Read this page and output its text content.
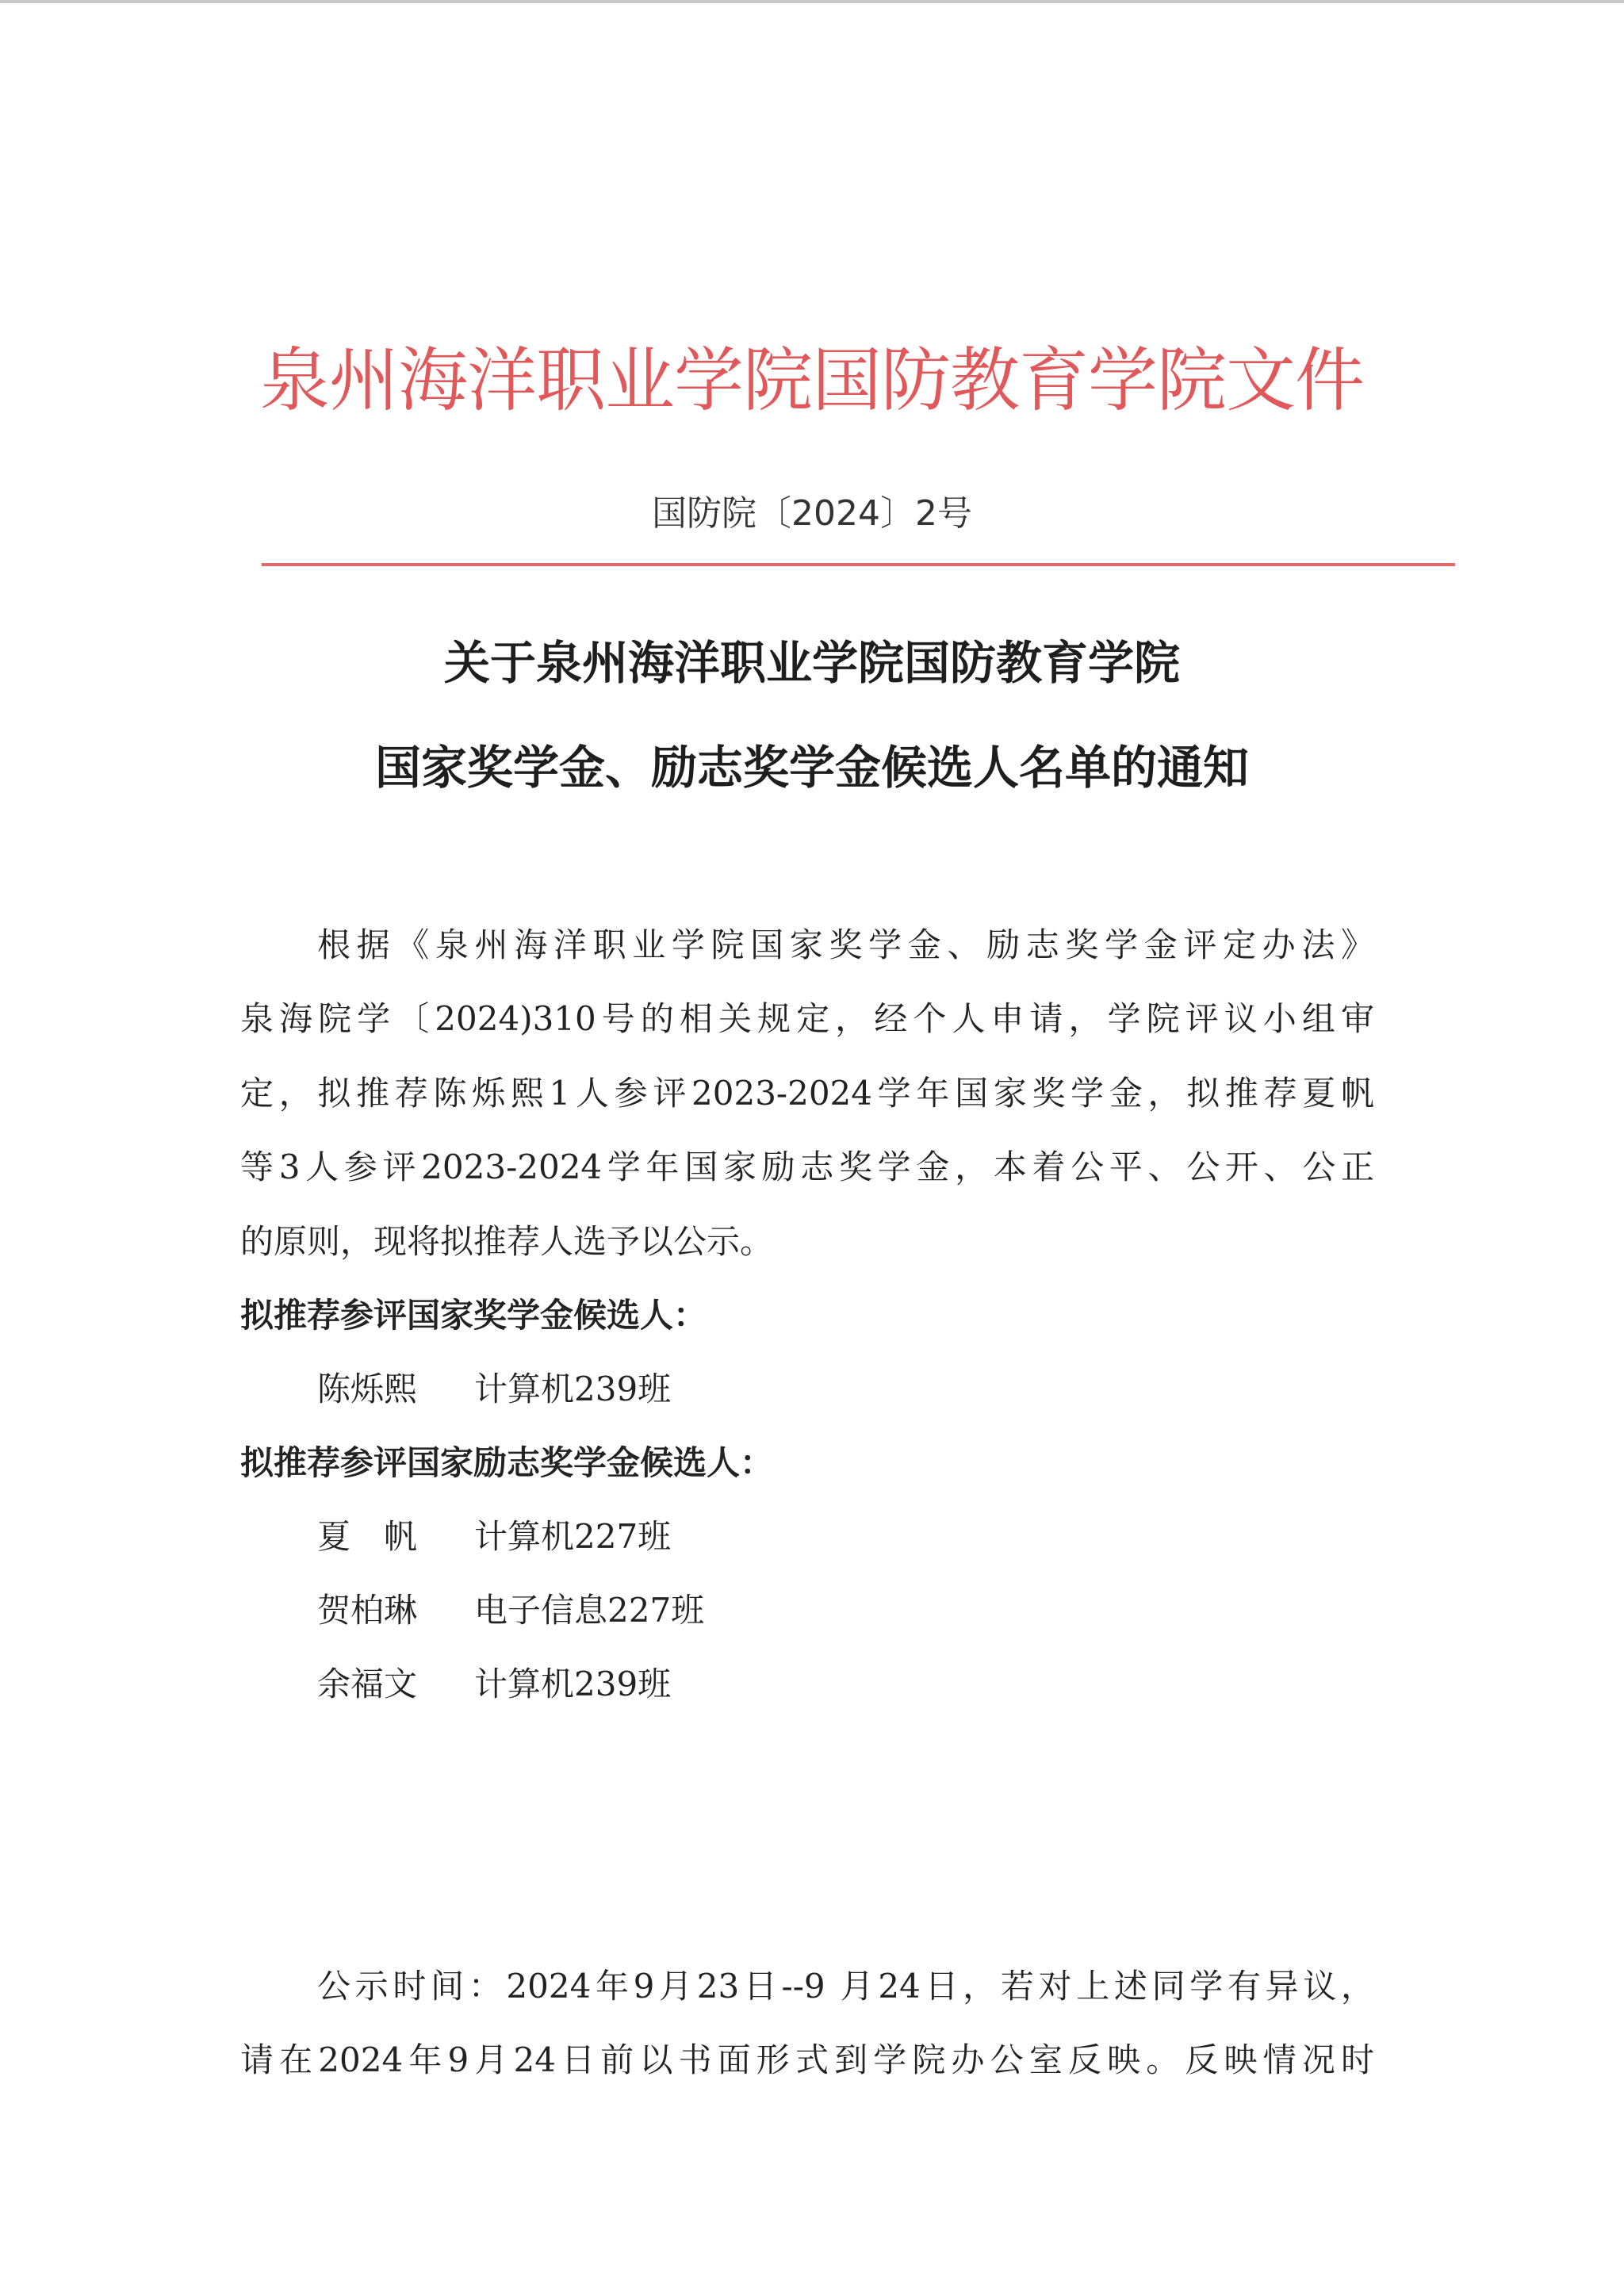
泉州海洋职业学院国防教育学院文件
国防院〔2024〕2号
关于泉州海洋职业学院国防教育学院
国家奖学金、励志奖学金候选人名单的通知
根据《泉州海洋职业学院国家奖学金、励志奖学金评定办法》
泉海院学〔2024)310号的相关规定，经个人申请，学院评议小组审
定，拟推荐陈烁熙1人参评2023-2024学年国家奖学金，拟推荐夏帆
等3人参评2023-2024学年国家励志奖学金，本着公平、公开、公正
的原则，现将拟推荐人选予以公示。
拟推荐参评国家奖学金候选人：
陈烁熙	计算机239班
拟推荐参评国家励志奖学金候选人：
夏　帆	计算机227班
贺柏琳	电子信息227班
余福文	计算机239班
公示时间：2024年9月23日--9 月24日，若对上述同学有异议，
请在2024年9月24日前以书面形式到学院办公室反映。反映情况时
